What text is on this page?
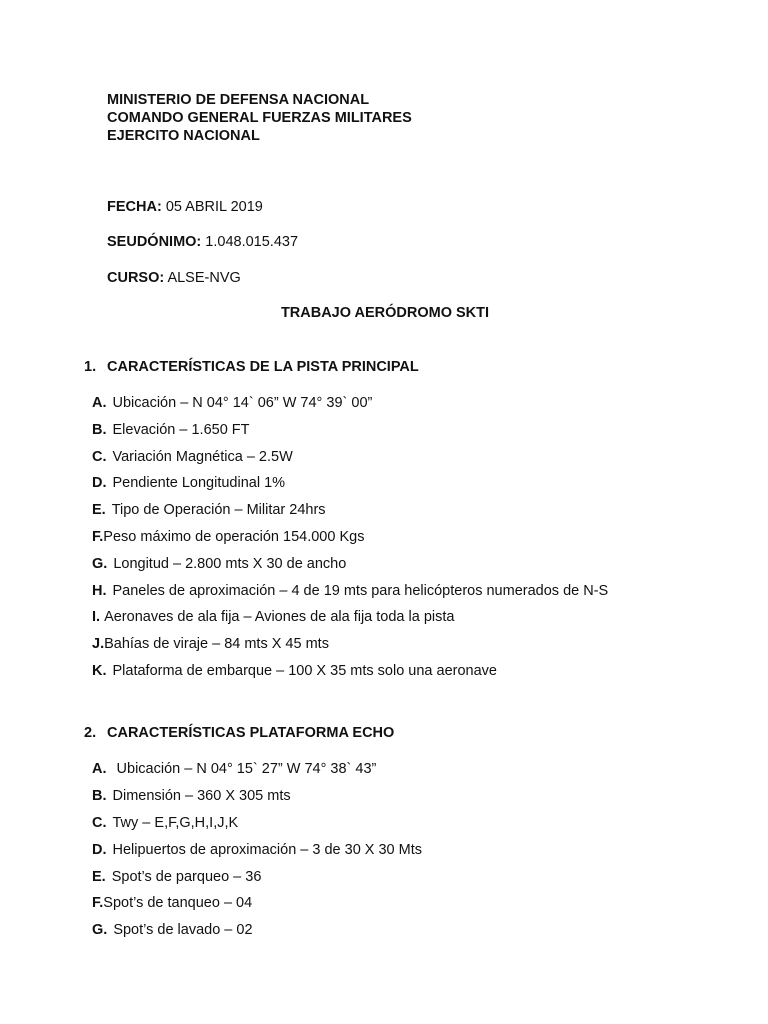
MINISTERIO DE DEFENSA NACIONAL
COMANDO GENERAL FUERZAS MILITARES
EJERCITO NACIONAL
FECHA: 05 ABRIL 2019
SEUDÓNIMO: 1.048.015.437
CURSO: ALSE-NVG
TRABAJO AERÓDROMO SKTI
1. CARACTERÍSTICAS DE LA PISTA PRINCIPAL
A. Ubicación – N 04° 14` 06” W 74° 39` 00”
B. Elevación – 1.650 FT
C. Variación Magnética – 2.5W
D. Pendiente Longitudinal 1%
E. Tipo de Operación – Militar 24hrs
F.Peso máximo de operación 154.000 Kgs
G. Longitud – 2.800 mts X 30 de ancho
H. Paneles de aproximación – 4 de 19 mts para helicópteros numerados de N-S
I. Aeronaves de ala fija – Aviones de ala fija toda la pista
J.Bahías de viraje – 84 mts X 45 mts
K. Plataforma de embarque – 100 X 35 mts solo una aeronave
2. CARACTERÍSTICAS PLATAFORMA ECHO
A. Ubicación – N 04° 15` 27” W 74° 38` 43”
B. Dimensión – 360 X 305 mts
C. Twy – E,F,G,H,I,J,K
D. Helipuertos de aproximación – 3 de 30 X 30 Mts
E. Spot’s de parqueo – 36
F.Spot’s de tanqueo – 04
G. Spot’s de lavado – 02
